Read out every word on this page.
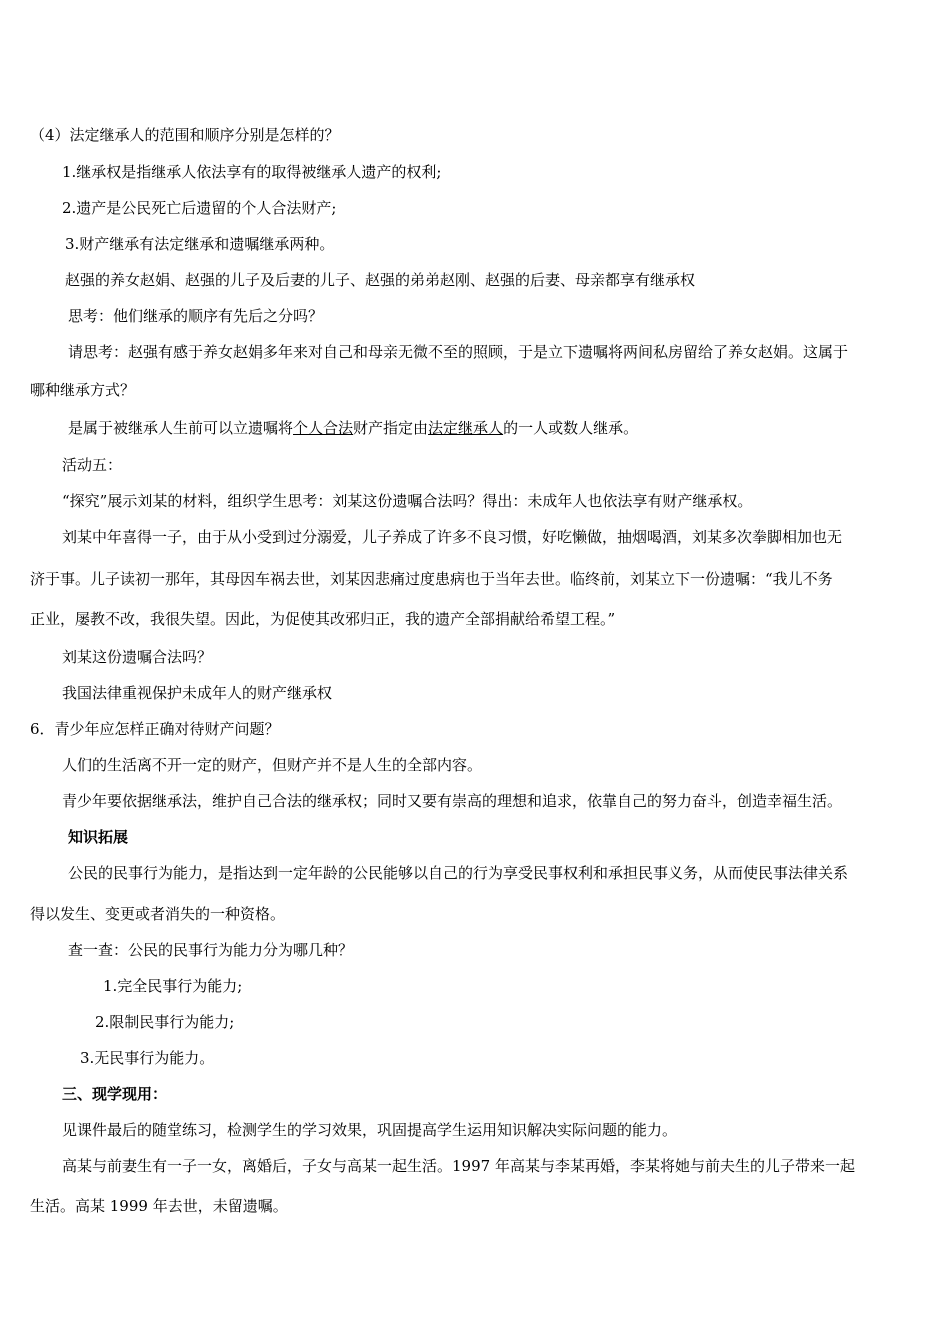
（4）法定继承人的范围和顺序分别是怎样的？
1.继承权是指继承人依法享有的取得被继承人遗产的权利;
2.遗产是公民死亡后遗留的个人合法财产;
3.财产继承有法定继承和遗嘱继承两种。
赵强的养女赵娟、赵强的儿子及后妻的儿子、赵强的弟弟赵刚、赵强的后妻、母亲都享有继承权
思考：他们继承的顺序有先后之分吗？
请思考：赵强有感于养女赵娟多年来对自己和母亲无微不至的照顾，于是立下遗嘱将两间私房留给了养女赵娟。这属于
哪种继承方式？
是属于被继承人生前可以立遗嘱将个人合法财产指定由法定继承人的一人或数人继承。
活动五：
“探究”展示刘某的材料，组织学生思考：刘某这份遗嘱合法吗？得出：未成年人也依法享有财产继承权。
刘某中年喜得一子，由于从小受到过分溺爱，儿子养成了许多不良习惯，好吃懒做，抽烟喝酒，刘某多次拳脚相加也无
济于事。儿子读初一那年，其母因车祸去世，刘某因悲痛过度患病也于当年去世。临终前，刘某立下一份遗嘱：“我儿不务
正业，屡教不改，我很失望。因此，为促使其改邪归正，我的遗产全部捐献给希望工程。”
刘某这份遗嘱合法吗？
我国法律重视保护未成年人的财产继承权
6．青少年应怎样正确对待财产问题？
人们的生活离不开一定的财产，但财产并不是人生的全部内容。
青少年要依据继承法，维护自己合法的继承权；同时又要有崇高的理想和追求，依靠自己的努力奋斗，创造幸福生活。
知识拓展
公民的民事行为能力，是指达到一定年龄的公民能够以自己的行为享受民事权利和承担民事义务，从而使民事法律关系
得以发生、变更或者消失的一种资格。
查一查：公民的民事行为能力分为哪几种？
1.完全民事行为能力;
2.限制民事行为能力;
3.无民事行为能力。
三、现学现用：
见课件最后的随堂练习，检测学生的学习效果，巩固提高学生运用知识解决实际问题的能力。
高某与前妻生有一子一女，离婚后，子女与高某一起生活。1997 年高某与李某再婚，李某将她与前夫生的儿子带来一起
生活。高某 1999 年去世，未留遗嘱。
